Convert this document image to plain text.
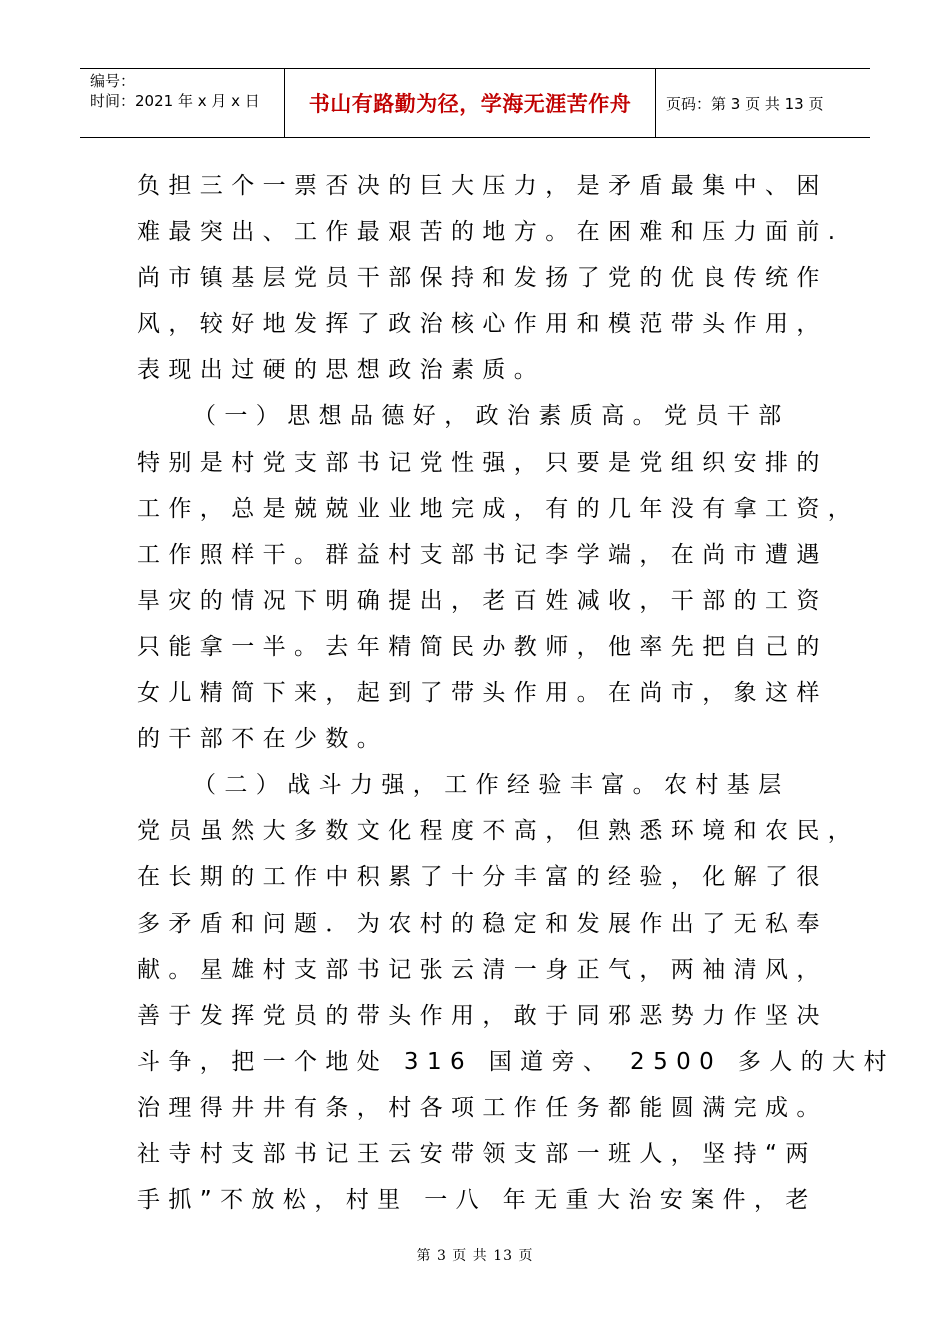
编号：
时间：2021 年 x 月 x 日	书山有路勤为径，学海无涯苦作舟	页码：第 3 页 共 13 页
负担三个一票否决的巨大压力，是矛盾最集中、困
难最突出、工作最艰苦的地方。在困难和压力面前.
尚市镇基层党员干部保持和发扬了党的优良传统作
风，较好地发挥了政治核心作用和模范带头作用，
表现出过硬的思想政治素质。
（一）思想品德好，政治素质高。党员干部
特别是村党支部书记党性强，只要是党组织安排的
工作，总是兢兢业业地完成，有的几年没有拿工资，
工作照样干。群益村支部书记李学端，在尚市遭遇
旱灾的情况下明确提出，老百姓减收，干部的工资
只能拿一半。去年精简民办教师，他率先把自己的
女儿精简下来，起到了带头作用。在尚市，象这样
的干部不在少数。
（二）战斗力强，工作经验丰富。农村基层
党员虽然大多数文化程度不高，但熟悉环境和农民，
在长期的工作中积累了十分丰富的经验，化解了很
多矛盾和问题．为农村的稳定和发展作出了无私奉
献。星雄村支部书记张云清一身正气，两袖清风，
善于发挥党员的带头作用，敢于同邪恶势力作坚决
斗争，把一个地处 316 国道旁、 2500 多人的大村
治理得井井有条，村各项工作任务都能圆满完成。
社寺村支部书记王云安带领支部一班人，坚持“两
手抓”不放松，村里 一八 年无重大治安案件，老
第 3 页 共 13 页
